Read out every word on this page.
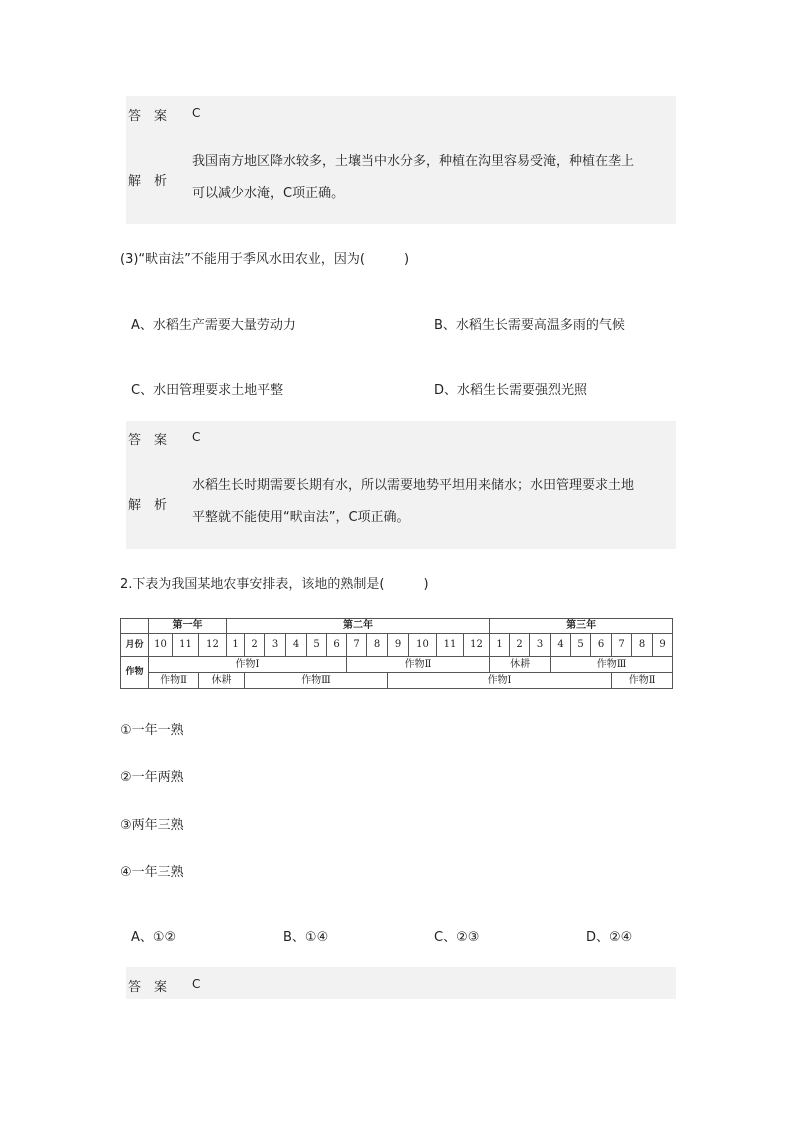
答　案 C
解　析
我国南方地区降水较多，土壤当中水分多，种植在沟里容易受淹，种植在垄上
可以减少水淹，C项正确。
(3)“畎亩法”不能用于季风水田农业，因为(　　　)
A、水稻生产需要大量劳动力	B、水稻生长需要高温多雨的气候
C、水田管理要求土地平整	D、水稻生长需要强烈光照
答　案 C
解　析
水稻生长时期需要长期有水，所以需要地势平坦用来储水；水田管理要求土地
平整就不能使用“畎亩法”，C项正确。
2.下表为我国某地农事安排表，该地的熟制是(　　　)
	第一年			第二年												第三年								
月份	10	11	12	1	2	3	4	5	6	7	8	9	10	11	12	1	2	3	4	5	6	7	8	9
作物	作物Ⅰ									作物Ⅱ						休耕			作物Ⅲ					
	作物Ⅱ		休耕		作物Ⅲ							作物Ⅰ										作物Ⅱ		
①一年一熟
②一年两熟
③两年三熟
④一年三熟
A、①②	B、①④	C、②③	D、②④
答　案 C
